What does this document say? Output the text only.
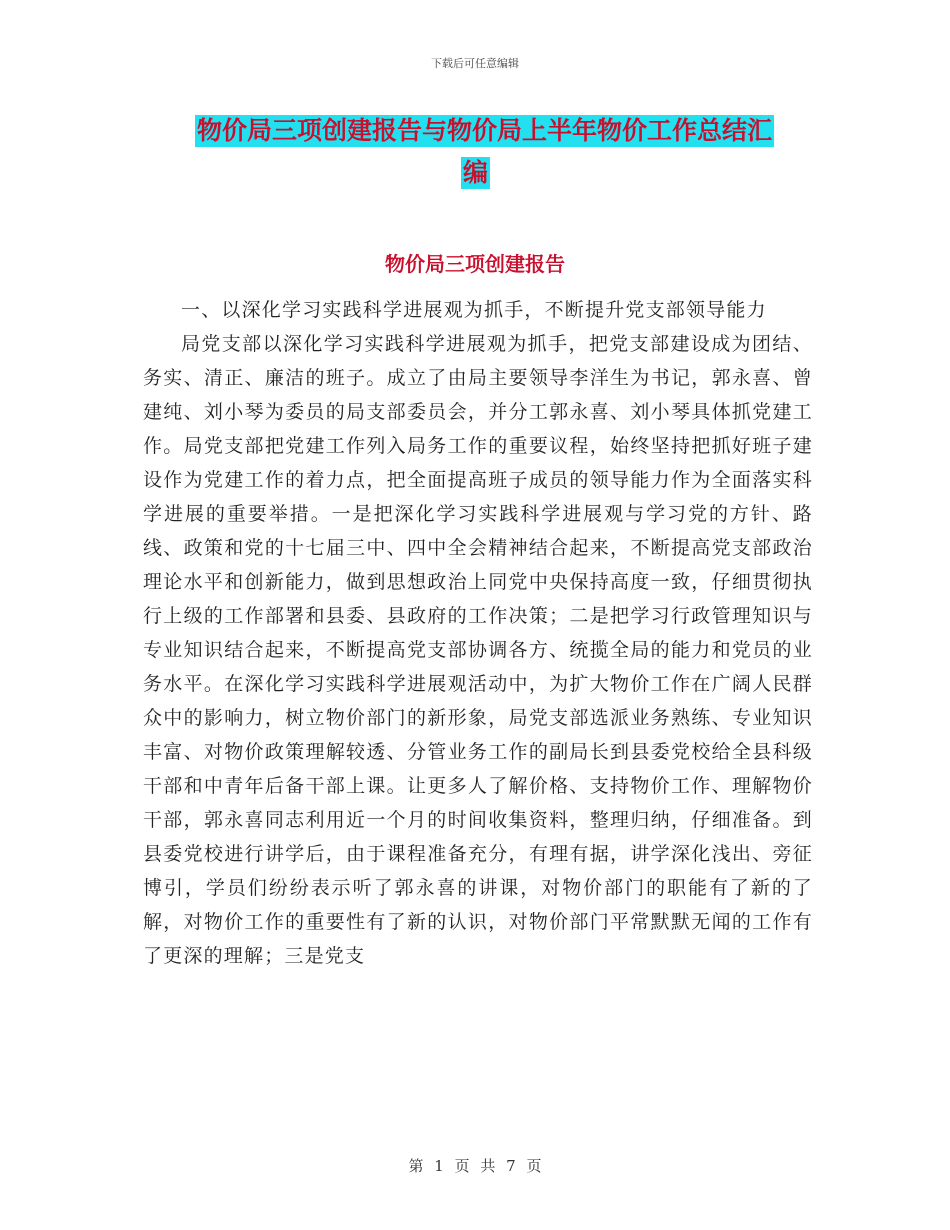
下载后可任意编辑
物价局三项创建报告与物价局上半年物价工作总结汇
编
物价局三项创建报告

一、以深化学习实践科学进展观为抓手，不断提升党支部领导能力

局党支部以深化学习实践科学进展观为抓手，把党支部建设成为团结、务实、清正、廉洁的班子。成立了由局主要领导李洋生为书记，郭永喜、曾建纯、刘小琴为委员的局支部委员会，并分工郭永喜、刘小琴具体抓党建工作。局党支部把党建工作列入局务工作的重要议程，始终坚持把抓好班子建设作为党建工作的着力点，把全面提高班子成员的领导能力作为全面落实科学进展的重要举措。一是把深化学习实践科学进展观与学习党的方针、路线、政策和党的十七届三中、四中全会精神结合起来，不断提高党支部政治理论水平和创新能力，做到思想政治上同党中央保持高度一致，仔细贯彻执行上级的工作部署和县委、县政府的工作决策；二是把学习行政管理知识与专业知识结合起来，不断提高党支部协调各方、统揽全局的能力和党员的业务水平。在深化学习实践科学进展观活动中，为扩大物价工作在广阔人民群众中的影响力，树立物价部门的新形象，局党支部选派业务熟练、专业知识丰富、对物价政策理解较透、分管业务工作的副局长到县委党校给全县科级干部和中青年后备干部上课。让更多人了解价格、支持物价工作、理解物价干部，郭永喜同志利用近一个月的时间收集资料，整理归纳，仔细准备。到县委党校进行讲学后，由于课程准备充分，有理有据，讲学深化浅出、旁征博引，学员们纷纷表示听了郭永喜的讲课，对物价部门的职能有了新的了解，对物价工作的重要性有了新的认识，对物价部门平常默默无闻的工作有了更深的理解；三是党支

第 1 页 共 7 页
